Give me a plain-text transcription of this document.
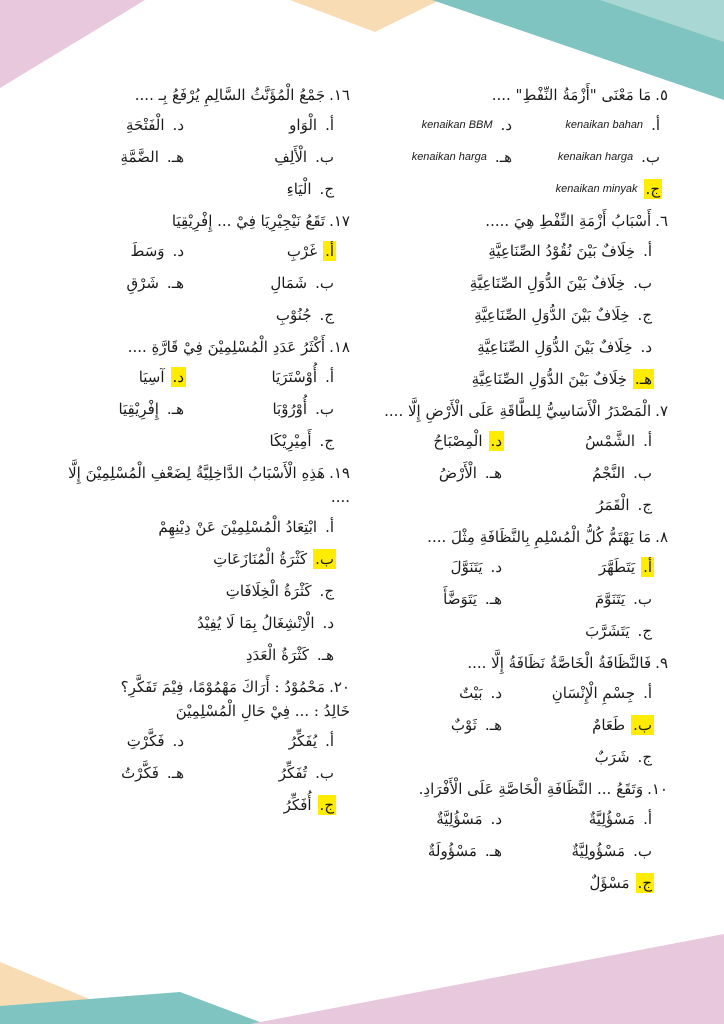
٥.مَا مَعْنَى "أَزْمَةُ النِّفْطِ" ....
أ.
kenaikan bahan
د.
kenaikan BBM
ب.
kenaikan harga
هـ.
kenaikan harga
ج.
kenaikan minyak
٦.أَسْبَابُ أَزْمَةِ النِّفْطِ هِيَ .....
أ.
خِلَافٌ بَيْنَ نُقُوْدُ الصِّنَاعِيَّةِ
ب.
خِلَافٌ بَيْنَ الدُّوَلِ الصِّنَاعِيَّةِ
ج.
خِلَافٌ بَيْنَ الدُّوَلِ الصِّنَاعِيَّةِ
د.
خِلَافٌ بَيْنَ الدُّوَلِ الصِّنَاعِيَّةِ
هـ.
خِلَافٌ بَيْنَ الدُّوَلِ الصِّنَاعِيَّةِ
٧.الْمَصْدَرُ الْأَسَاسِيُّ لِلطَّاقَةِ عَلَى الْأَرْضِ إِلَّا ....
أ.
الشَّمْسُ
د.
الْمِصْبَاحُ
ب.
النَّجْمُ
هـ.
الْأَرْضُ
ج.
الْقَمَرُ
٨.مَا يَهْتَمُّ كُلُّ الْمُسْلِمِ بِالنَّظَافَةِ مِثْلَ ....
أ.
يَتَطَهَّرَ
د.
يَتَنَوَّلَ
ب.
يَتَنَوَّمَ
هـ.
يَتَوَضَّأَ
ج.
يَتَشَرَّبَ
٩.فَالنَّظَافَةُ الْخَاصَّةُ نَظَافَةُ إِلَّا ....
أ.
جِسْمِ الْإِنْسَانِ
د.
بَيْتٌ
ب.
طَعَامٌ
هـ.
ثَوْبٌ
ج.
شَرَبٌ
١٠.وَتَقَعُ ... النَّظَافَةِ الْخَاصَّةِ عَلَى الْأَفْرَادِ.
أ.
مَسْؤُلِيَّةٌ
د.
مَسْؤُلِيَّةٌ
ب.
مَسْؤُولِيَّةٌ
هـ.
مَسْؤُولَةٌ
ج.
مَسْؤَلٌ
١٦.جَمْعُ الْمُؤَنَّثُ السَّالِمِ يُرْفَعُ بِـ ....
أ.
الْوَاو
د.
الْفَتْحَةِ
ب.
الْأَلِفِ
هـ.
الضَّمَّةِ
ج.
الْيَاءِ
١٧.تَقَعُ نَيْجِيْرِيَا فِيْ ... إِفْرِيْقِيَا
أ.
غَرْبِ
د.
وَسَطَ
ب.
شَمَالِ
هـ.
شَرْقِ
ج.
جُنُوْبِ
١٨.أَكْثَرُ عَدَدِ الْمُسْلِمِيْنَ فِيْ قَارَّةِ ....
أ.
أُوْسْتَرَيَا
د.
آسِيَا
ب.
أُوْرُوْبَا
هـ.
إِفْرِيْقِيَا
ج.
أَمِيْرِيْكَا
١٩.هَذِهِ الْأَسْبَابُ الدَّاخِلِيَّةُ لِضَعْفِ الْمُسْلِمِيْنَ إِلَّا
....
أ.
ابْتِعَادُ الْمُسْلِمِيْنَ عَنْ دِيْنِهِمْ
ب.
كَثْرَةُ الْمُنَازَعَاتِ
ج.
كَثْرَةُ الْخِلَافَاتِ
د.
الْاِنْشِغَالُ بِمَا لَا يُفِيْدُ
هـ.
كَثْرَةُ الْعَدَدِ
٢٠.مَحْمُوْدُ : أَرَاكَ مَهْمُوْمًا، فِيْمَ تَفَكَّرِ؟
خَالِدُ : ... فِيْ حَالِ الْمُسْلِمِيْنَ
أ.
يُفَكِّرُ
د.
فَكَّرْتِ
ب.
تُفَكِّرُ
هـ.
فَكَّرْتُ
ج.
أُفَكِّرُ
